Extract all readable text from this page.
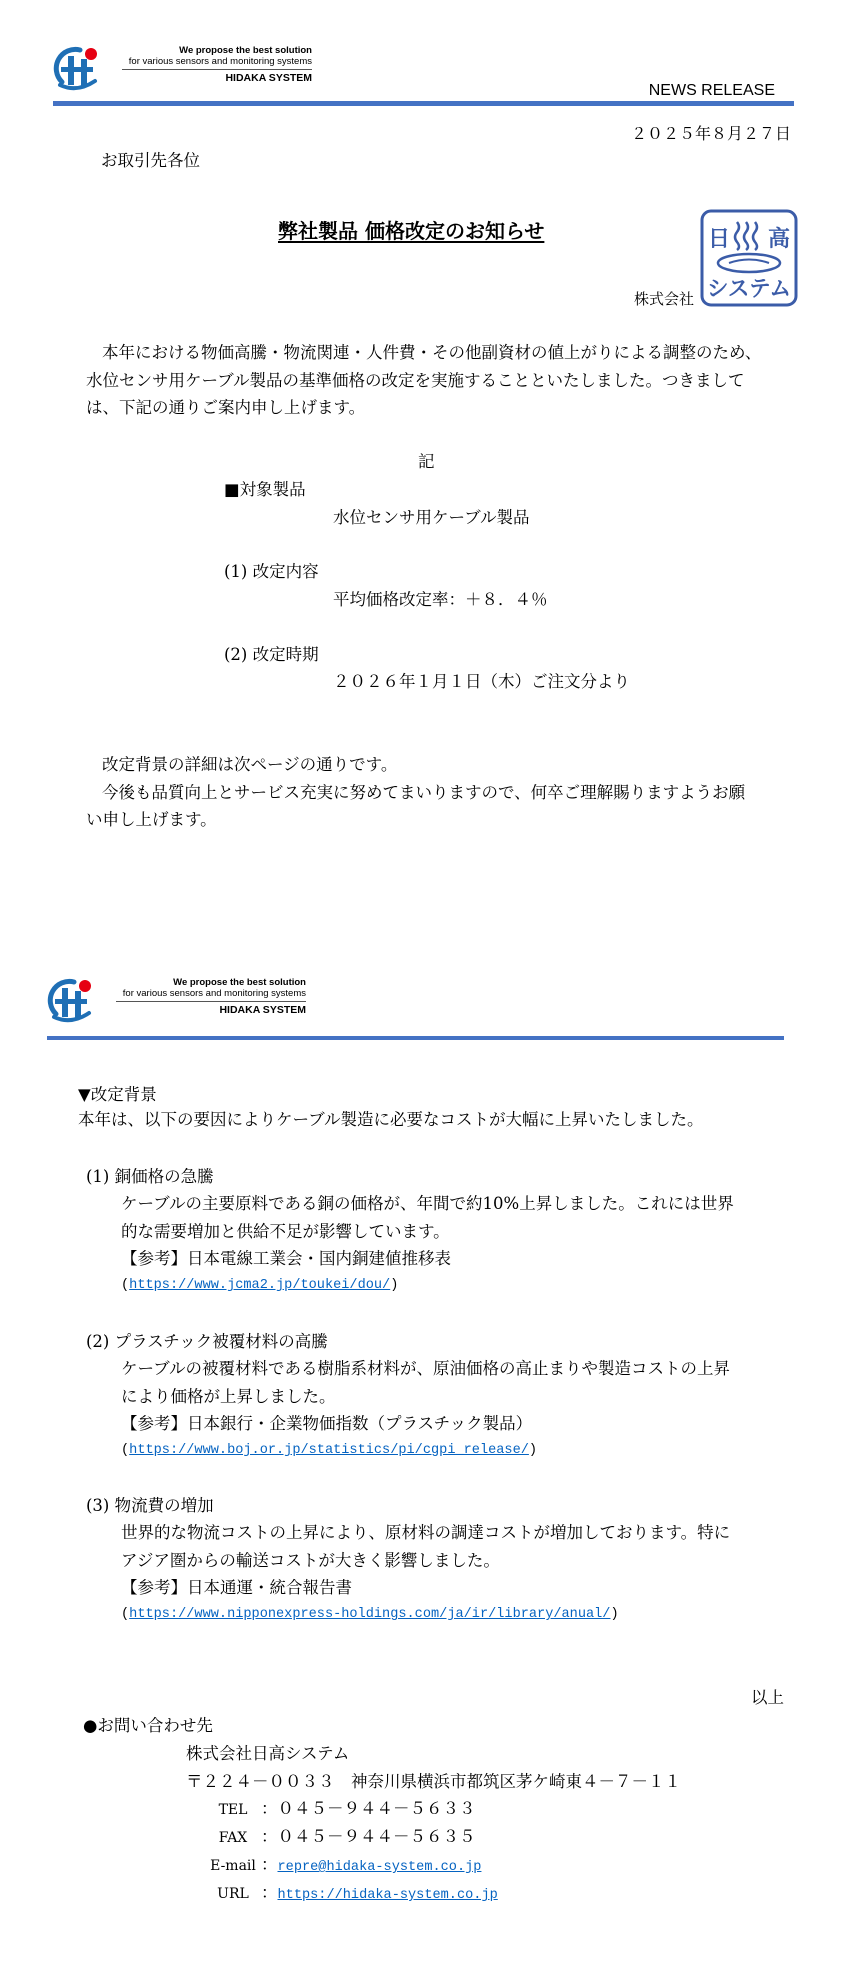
We propose the best solution
for various sensors and monitoring systems
HIDAKA SYSTEM
NEWS RELEASE
２０２５年８月２７日
お取引先各位
弊社製品 価格改定のお知らせ
株式会社
日 高
システム
本年における物価高騰・物流関連・人件費・その他副資材の値上がりによる調整のため、
水位センサ用ケーブル製品の基準価格の改定を実施することといたしました。つきまして
は、下記の通りご案内申し上げます。
記
■対象製品
水位センサ用ケーブル製品
(1) 改定内容
平均価格改定率：＋８．４％
(2) 改定時期
２０２６年１月１日（木）ご注文分より
改定背景の詳細は次ページの通りです。
今後も品質向上とサービス充実に努めてまいりますので、何卒ご理解賜りますようお願
い申し上げます。
We propose the best solution
for various sensors and monitoring systems
HIDAKA SYSTEM
▼改定背景
本年は、以下の要因によりケーブル製造に必要なコストが大幅に上昇いたしました。
(1) 銅価格の急騰
ケーブルの主要原料である銅の価格が、年間で約10%上昇しました。これには世界
的な需要増加と供給不足が影響しています。
【参考】日本電線工業会・国内銅建値推移表
(https://www.jcma2.jp/toukei/dou/)
(2) プラスチック被覆材料の高騰
ケーブルの被覆材料である樹脂系材料が、原油価格の高止まりや製造コストの上昇
により価格が上昇しました。
【参考】日本銀行・企業物価指数（プラスチック製品）
(https://www.boj.or.jp/statistics/pi/cgpi_release/)
(3) 物流費の増加
世界的な物流コストの上昇により、原材料の調達コストが増加しております。特に
アジア圏からの輸送コストが大きく影響しました。
【参考】日本通運・統合報告書
(https://www.nipponexpress-holdings.com/ja/ir/library/anual/)
以上
●お問い合わせ先
株式会社日高システム
〒２２４－００３３　神奈川県横浜市都筑区茅ケ崎東４－７－１１
TEL ：０４５－９４４－５６３３
FAX ：０４５－９４４－５６３５
E-mail ：repre@hidaka-system.co.jp
URL ：https://hidaka-system.co.jp
